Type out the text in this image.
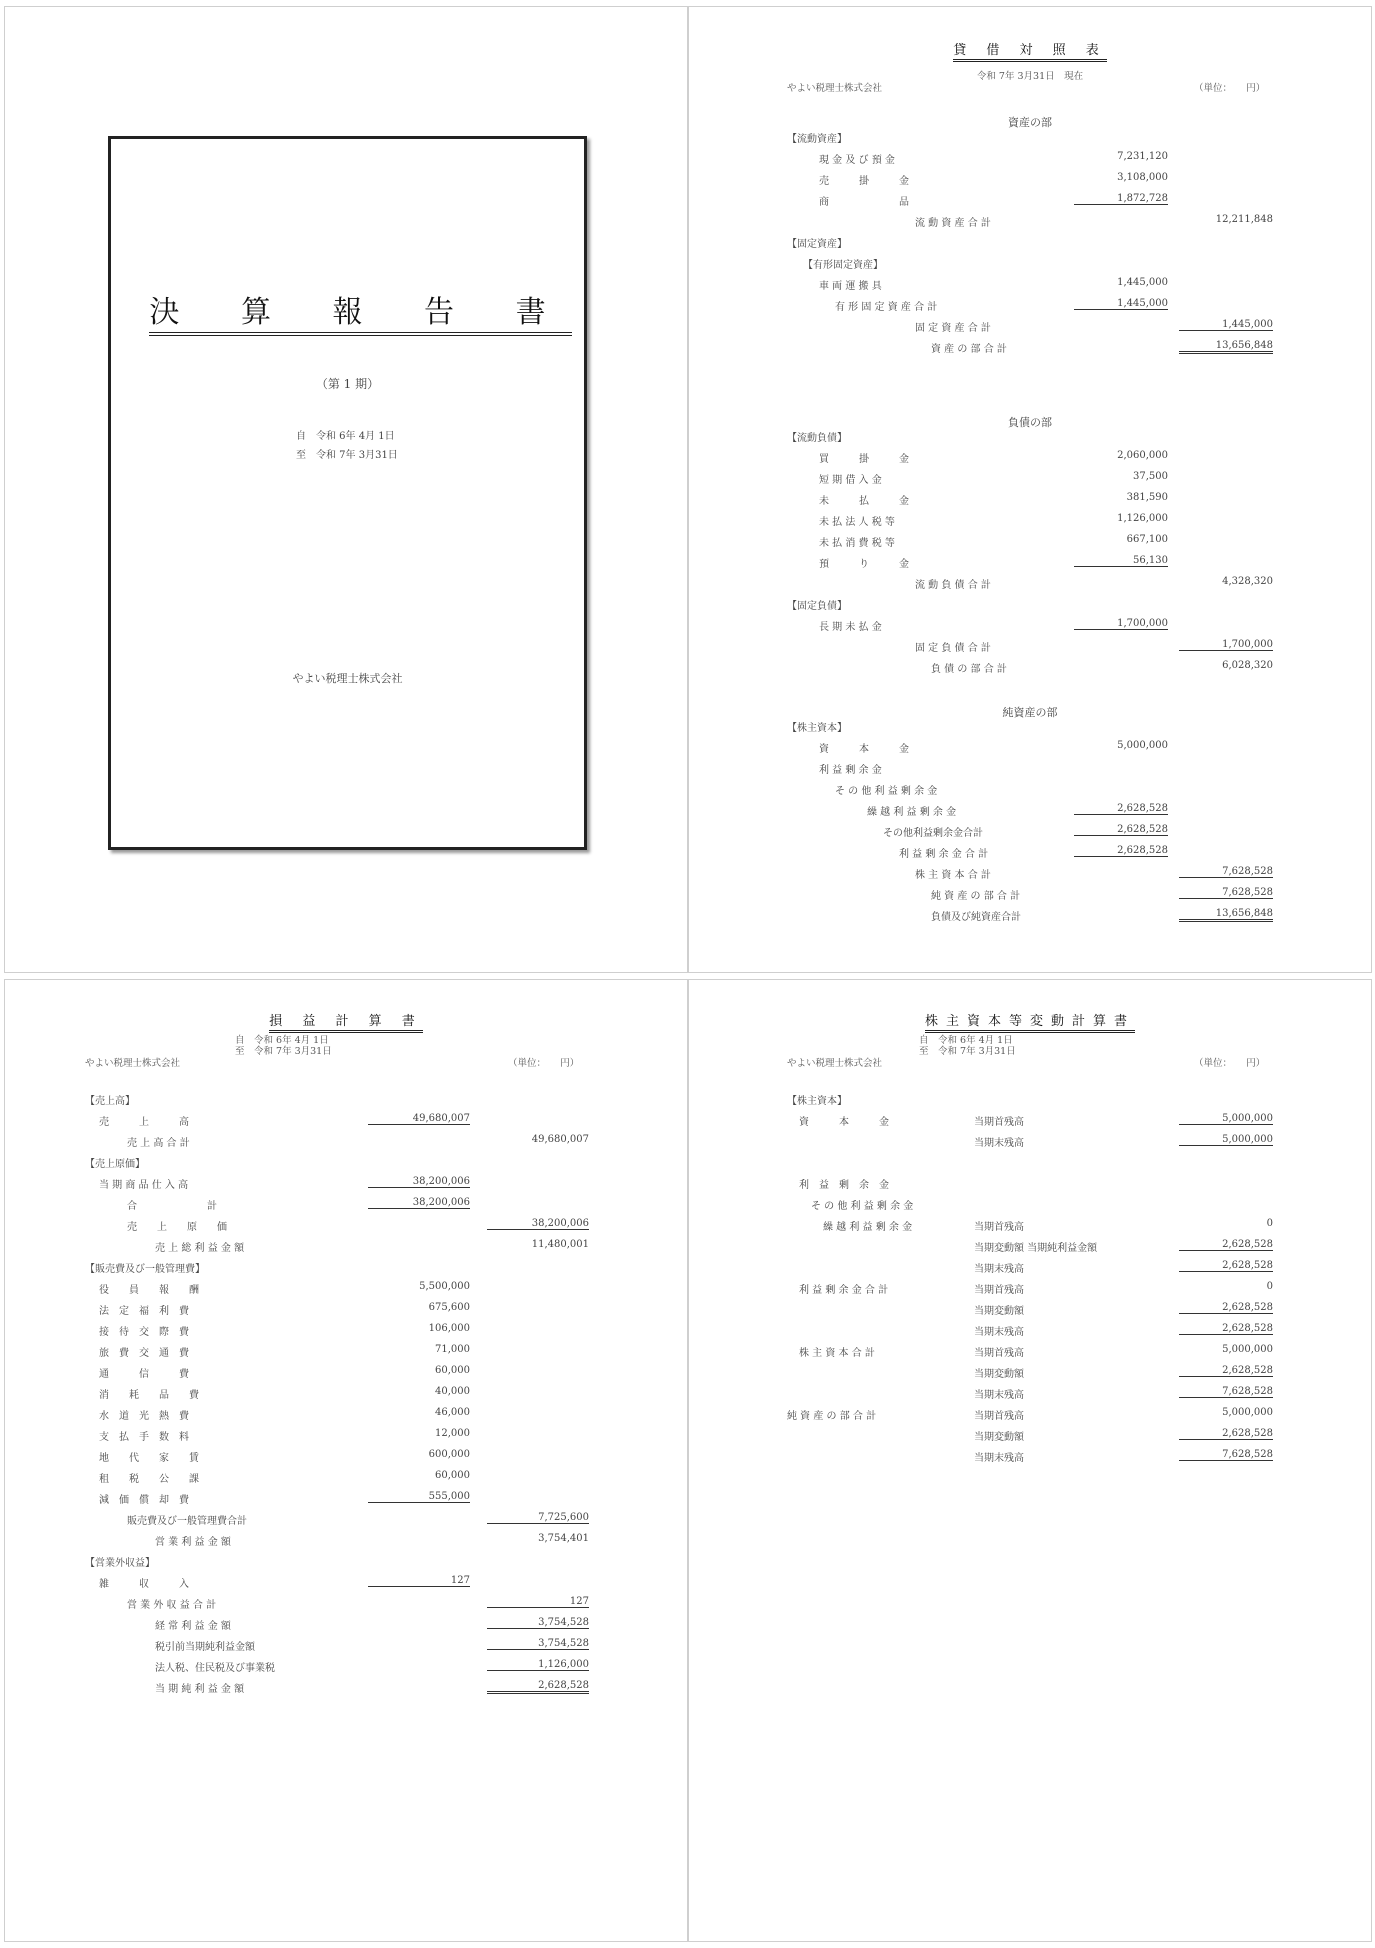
決 算 報 告 書
（第 1 期）
自　令和 6年 4月 1日
至　令和 7年 3月31日
やよい税理士株式会社
貸 借 対 照 表
令和 7年 3月31日　現在
やよい税理士株式会社	（単位：　　円）
資産の部
負債の部
純資産の部
【流動資産】
現 金 及 び 預 金	7,231,120
売　　　掛　　　金	3,108,000
商　　　　　　　品	1,872,728
流 動 資 産 合 計	12,211,848
【固定資産】
【有形固定資産】
車 両 運 搬 具	1,445,000
有 形 固 定 資 産 合 計	1,445,000
固 定 資 産 合 計	1,445,000
資 産 の 部 合 計	13,656,848
【流動負債】
買　　　掛　　　金	2,060,000
短 期 借 入 金	37,500
未　　　払　　　金	381,590
未 払 法 人 税 等	1,126,000
未 払 消 費 税 等	667,100
預　　　り　　　金	56,130
流 動 負 債 合 計	4,328,320
【固定負債】
長 期 未 払 金	1,700,000
固 定 負 債 合 計	1,700,000
負 債 の 部 合 計	6,028,320
【株主資本】
資　　　本　　　金	5,000,000
利 益 剰 余 金
そ の 他 利 益 剰 余 金
繰 越 利 益 剰 余 金	2,628,528
その他利益剰余金合計	2,628,528
利 益 剰 余 金 合 計	2,628,528
株 主 資 本 合 計	7,628,528
純 資 産 の 部 合 計	7,628,528
負債及び純資産合計	13,656,848
損 益 計 算 書
自　令和 6年 4月 1日
至　令和 7年 3月31日
やよい税理士株式会社	（単位：　　円）
【売上高】
売　　　上　　　高	49,680,007
売 上 高 合 計	49,680,007
【売上原価】
当 期 商 品 仕 入 高	38,200,006
合　　　　　　　計	38,200,006
売　　上　　原　　価	38,200,006
売 上 総 利 益 金 額	11,480,001
【販売費及び一般管理費】
役　　員　　報　　酬	5,500,000
法　定　福　利　費	675,600
接　待　交　際　費	106,000
旅　費　交　通　費	71,000
通　　　信　　　費	60,000
消　　耗　　品　　費	40,000
水　道　光　熱　費	46,000
支　払　手　数　料	12,000
地　　代　　家　　賃	600,000
租　　税　　公　　課	60,000
減　価　償　却　費	555,000
販売費及び一般管理費合計	7,725,600
営 業 利 益 金 額	3,754,401
【営業外収益】
雑　　　収　　　入	127
営 業 外 収 益 合 計	127
経 常 利 益 金 額	3,754,528
税引前当期純利益金額	3,754,528
法人税、住民税及び事業税	1,126,000
当 期 純 利 益 金 額	2,628,528
株主資本等変動計算書
自　令和 6年 4月 1日
至　令和 7年 3月31日
やよい税理士株式会社	（単位：　　円）
【株主資本】
資　　　本　　　金	当期首残高	5,000,000
当期末残高	5,000,000
利　益　剰　余　金
そ の 他 利 益 剰 余 金
繰 越 利 益 剰 余 金	当期首残高	0
当期変動額 当期純利益金額	2,628,528
当期末残高	2,628,528
利 益 剰 余 金 合 計	当期首残高	0
当期変動額	2,628,528
当期末残高	2,628,528
株 主 資 本 合 計	当期首残高	5,000,000
当期変動額	2,628,528
当期末残高	7,628,528
純 資 産 の 部 合 計	当期首残高	5,000,000
当期変動額	2,628,528
当期末残高	7,628,528
